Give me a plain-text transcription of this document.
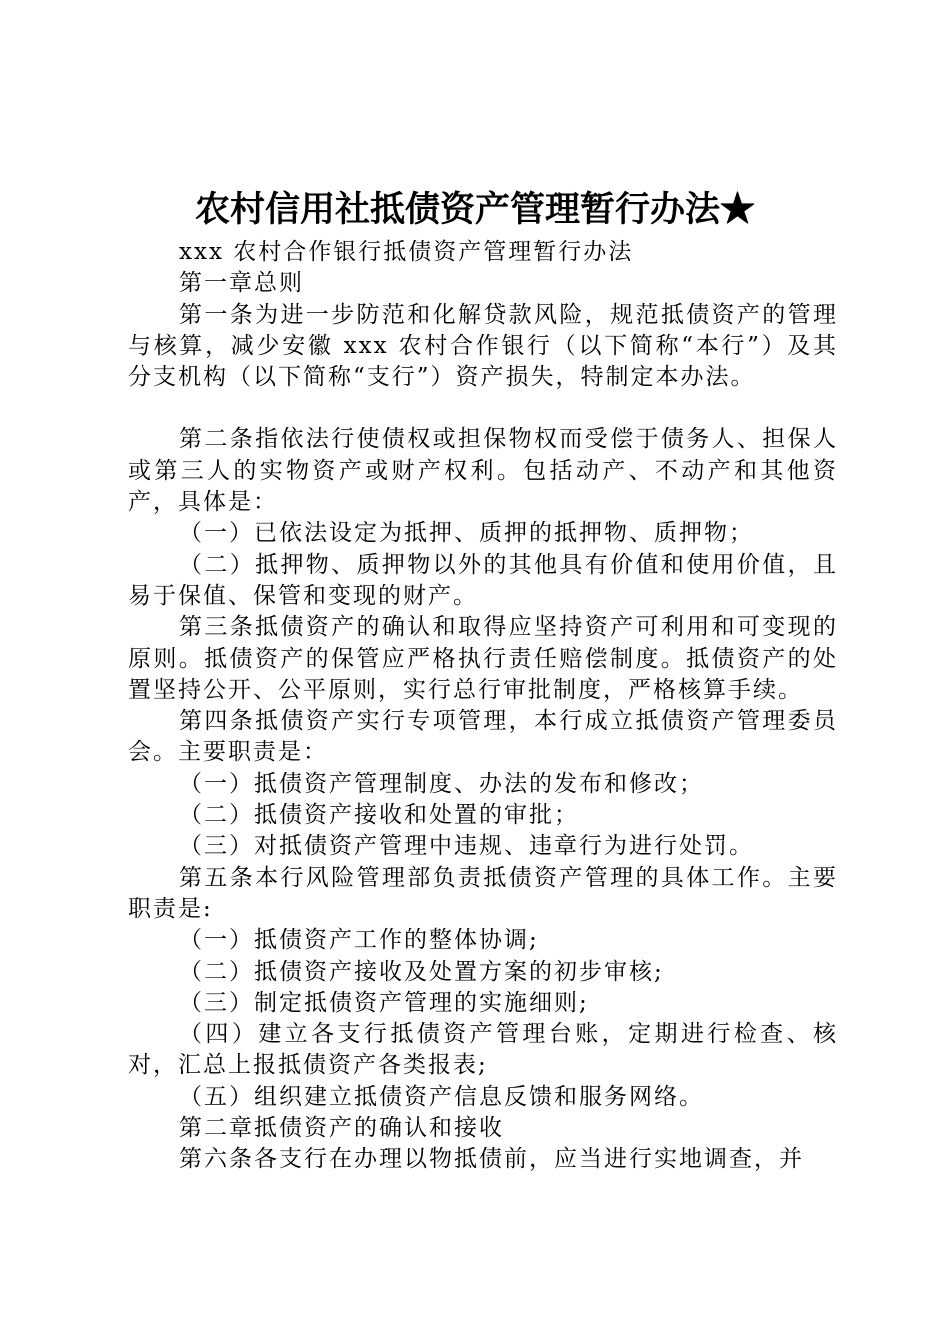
农村信用社抵债资产管理暂行办法★

xxx 农村合作银行抵债资产管理暂行办法

第一章总则

第一条为进一步防范和化解贷款风险，规范抵债资产的管理与核算，减少安徽 xxx 农村合作银行（以下简称“本行”）及其分支机构（以下简称“支行”）资产损失，特制定本办法。

第二条指依法行使债权或担保物权而受偿于债务人、担保人或第三人的实物资产或财产权利。包括动产、不动产和其他资产，具体是：

（一）已依法设定为抵押、质押的抵押物、质押物；

（二）抵押物、质押物以外的其他具有价值和使用价值，且易于保值、保管和变现的财产。

第三条抵债资产的确认和取得应坚持资产可利用和可变现的原则。抵债资产的保管应严格执行责任赔偿制度。抵债资产的处置坚持公开、公平原则，实行总行审批制度，严格核算手续。

第四条抵债资产实行专项管理，本行成立抵债资产管理委员会。主要职责是：

（一）抵债资产管理制度、办法的发布和修改；

（二）抵债资产接收和处置的审批；

（三）对抵债资产管理中违规、违章行为进行处罚。

第五条本行风险管理部负责抵债资产管理的具体工作。主要职责是:

（一）抵债资产工作的整体协调;

（二）抵债资产接收及处置方案的初步审核;

（三）制定抵债资产管理的实施细则;

（四）建立各支行抵债资产管理台账，定期进行检查、核对，汇总上报抵债资产各类报表;

（五）组织建立抵债资产信息反馈和服务网络。

第二章抵债资产的确认和接收

第六条各支行在办理以物抵债前，应当进行实地调查，并
